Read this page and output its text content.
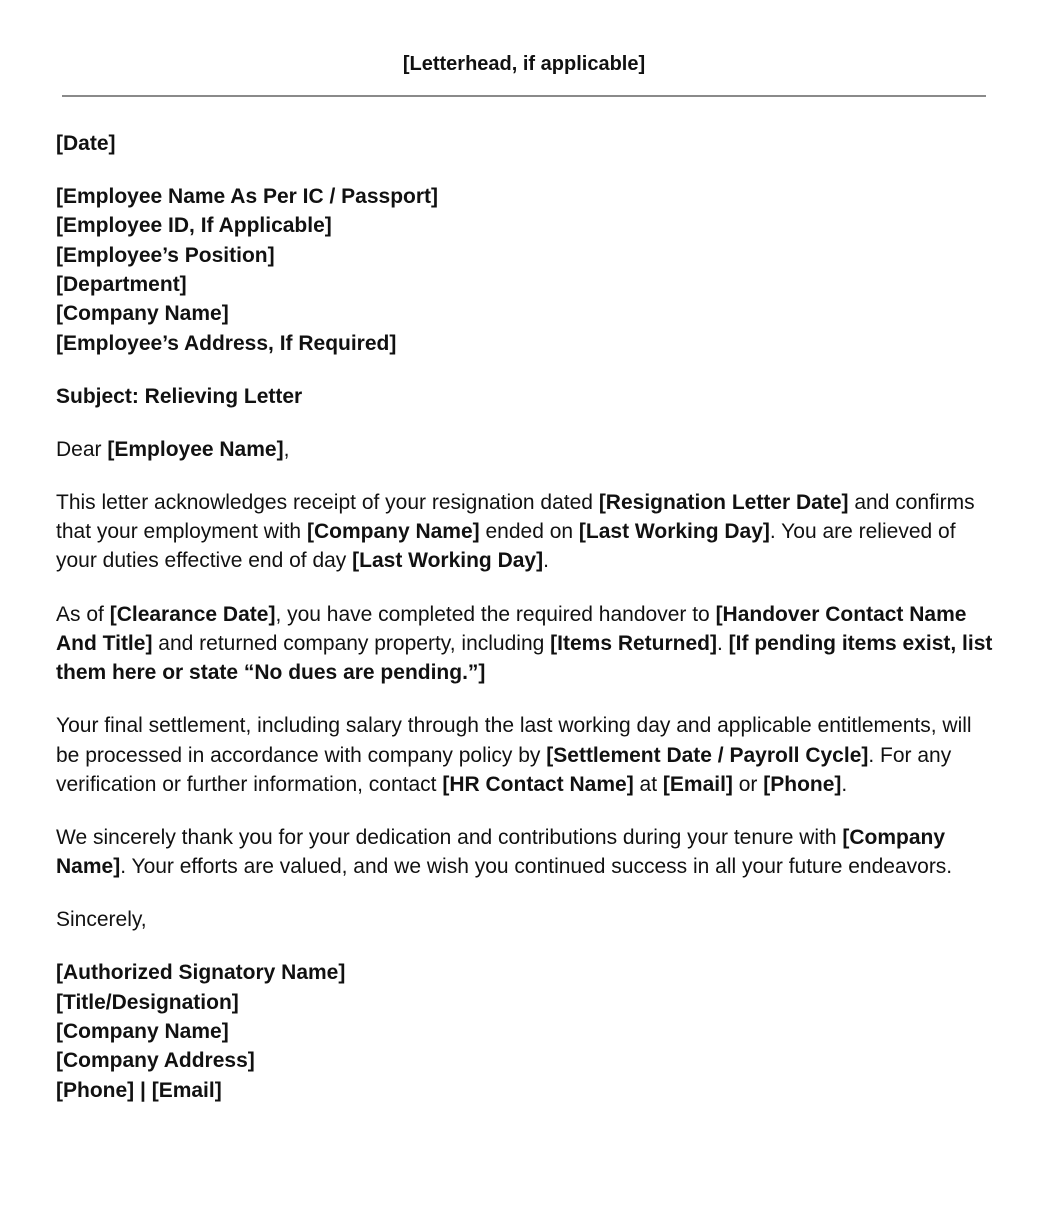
[Letterhead, if applicable]

[Date]

[Employee Name As Per IC / Passport]
[Employee ID, If Applicable]
[Employee’s Position]
[Department]
[Company Name]
[Employee’s Address, If Required]

Subject: Relieving Letter

Dear [Employee Name],

This letter acknowledges receipt of your resignation dated [Resignation Letter Date] and confirms that your employment with [Company Name] ended on [Last Working Day]. You are relieved of your duties effective end of day [Last Working Day].

As of [Clearance Date], you have completed the required handover to [Handover Contact Name And Title] and returned company property, including [Items Returned]. [If pending items exist, list them here or state “No dues are pending.”]

Your final settlement, including salary through the last working day and applicable entitlements, will be processed in accordance with company policy by [Settlement Date / Payroll Cycle]. For any verification or further information, contact [HR Contact Name] at [Email] or [Phone].

We sincerely thank you for your dedication and contributions during your tenure with [Company Name]. Your efforts are valued, and we wish you continued success in all your future endeavors.

Sincerely,

[Authorized Signatory Name]
[Title/Designation]
[Company Name]
[Company Address]
[Phone] | [Email]
